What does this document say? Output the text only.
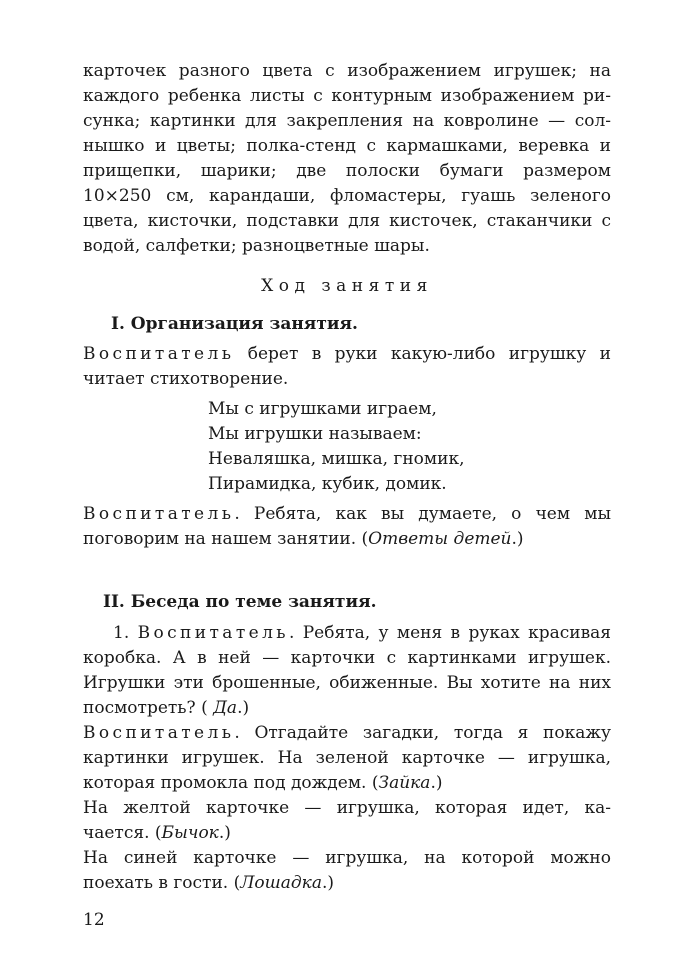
карточек разного цвета с изображением игрушек; на
каждого ребенка листы с контурным изображением ри-
сунка; картинки для закрепления на ковролине — сол-
нышко и цветы; полка-стенд с кармашками, веревка и
прищепки, шарики; две полоски бумаги размером
10×250 см, карандаши, фломастеры, гуашь зеленого
цвета, кисточки, подставки для кисточек, стаканчики с
водой, салфетки; разноцветные шары.
Ход занятия
I. Организация занятия.
Воспитатель берет в руки какую-либо игрушку и
читает стихотворение.
Мы с игрушками играем,
Мы игрушки называем:
Неваляшка, мишка, гномик,
Пирамидка, кубик, домик.
Воспитатель. Ребята, как вы думаете, о чем мы
поговорим на нашем занятии. (Ответы детей.)
II. Беседа по теме занятия.
1. Воспитатель. Ребята, у меня в руках красивая
коробка. А в ней — карточки с картинками игрушек.
Игрушки эти брошенные, обиженные. Вы хотите на них
посмотреть? ( Да.)
Воспитатель. Отгадайте загадки, тогда я покажу
картинки игрушек. На зеленой карточке — игрушка,
которая промокла под дождем. (Зайка.)
На желтой карточке — игрушка, которая идет, ка-
чается. (Бычок.)
На синей карточке — игрушка, на которой можно
поехать в гости. (Лошадка.)
12
